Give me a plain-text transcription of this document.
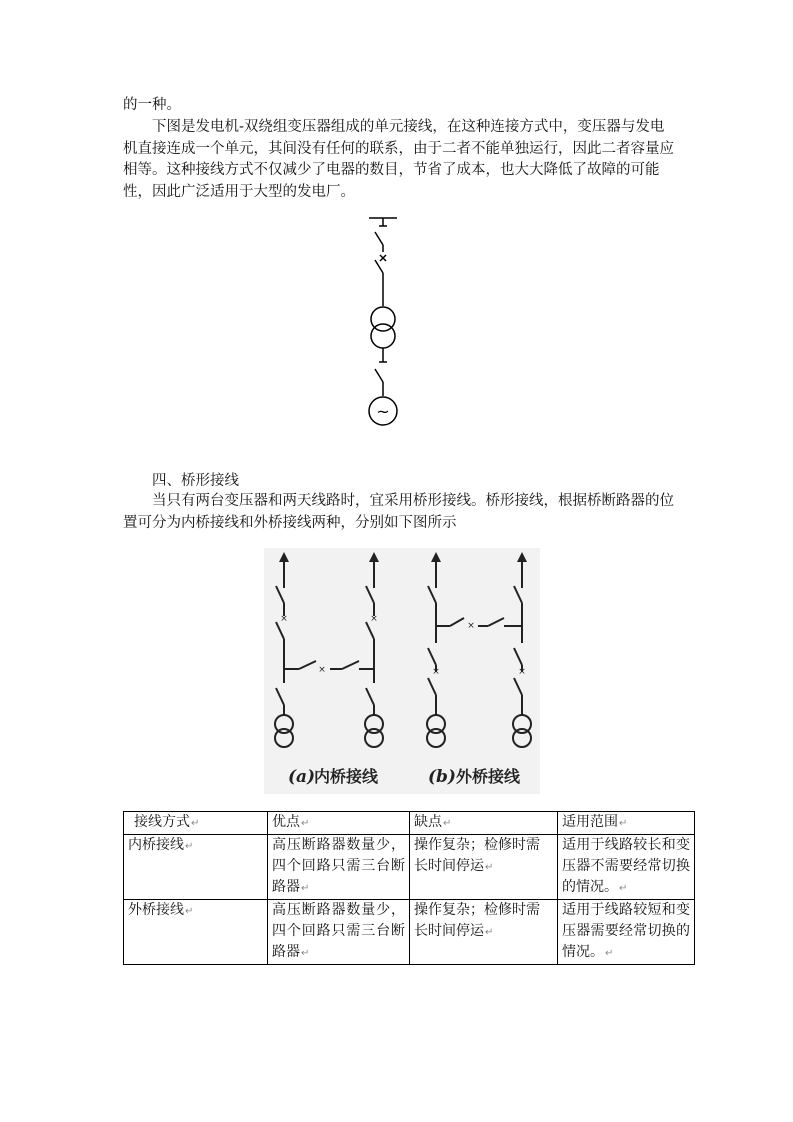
的一种。

下图是发电机-双绕组变压器组成的单元接线，在这种连接方式中，变压器与发电机直接连成一个单元，其间没有任何的联系，由于二者不能单独运行，因此二者容量应相等。这种接线方式不仅减少了电器的数目，节省了成本，也大大降低了故障的可能性，因此广泛适用于大型的发电厂。

~
四、桥形接线

当只有两台变压器和两天线路时，宜采用桥形接线。桥形接线，根据桥断路器的位置可分为内桥接线和外桥接线两种，分别如下图所示

×	×
×	×	×
×
(a)
内桥接线	(b) 外桥接线
接线方式↵	优点↵	缺点↵	适用范围↵
内桥接线↵	高压断路器数量少，四个回路只需三台断路器↵	操作复杂；检修时需长时间停运↵	适用于线路较长和变压器不需要经常切换的情况。↵
外桥接线↵	高压断路器数量少，四个回路只需三台断路器↵	操作复杂；检修时需长时间停运↵	适用于线路较短和变压器需要经常切换的情况。↵
